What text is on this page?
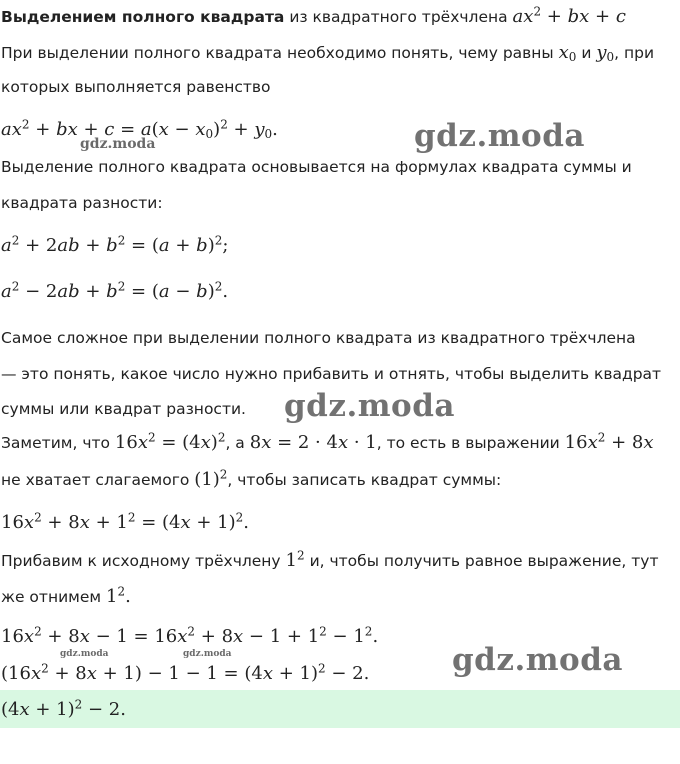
Выделением полного квадрата из квадратного трёхчлена $ax^2$ + bx + c
При выделении полного квадрата необходимо понять, чему равны $x_0$ и $y_0$, при
которых выполняется равенство
$ax^2$ + bx + $c = a(x - x_0)^2 + y_0$.
Выделение полного квадрата основывается на формулах квадрата суммы и
квадрата разности:
$a^2 + 2ab + b^2 = (a + b)^2$;
$a^2 - 2ab + b^2 = (a - b)^2$.
Самое сложное при выделении полного квадрата из квадратного трёхчлена
— это понять, какое число нужно прибавить и отнять, чтобы выделить квадрат
суммы или квадрат разности.
Заметим, что $16x^2 = (4x)^2$, а 8x = 2 · 4x · 1, то есть в выражении $16x^2 + 8x$
не хватает слагаемого $(1)^2$, чтобы записать квадрат суммы:
$16x^2 + 8x + 1^2 = (4x + 1)^2$.
Прибавим к исходному трёхчлену $1^2$ и, чтобы получить равное выражение, тут
же отнимем $1^2$.
$16x^2 + 8x - 1 = 16x^2 + 8x - 1 + 1^2 - 1^2$.
$(16x^2 + 8x + 1) - 1 - 1 = (4x + 1)^2 - 2$.
$(4x + 1)^2 - 2$.
gdz.moda
gdz.moda
gdz.moda
gdz.moda	gdz.moda	gdz.moda
